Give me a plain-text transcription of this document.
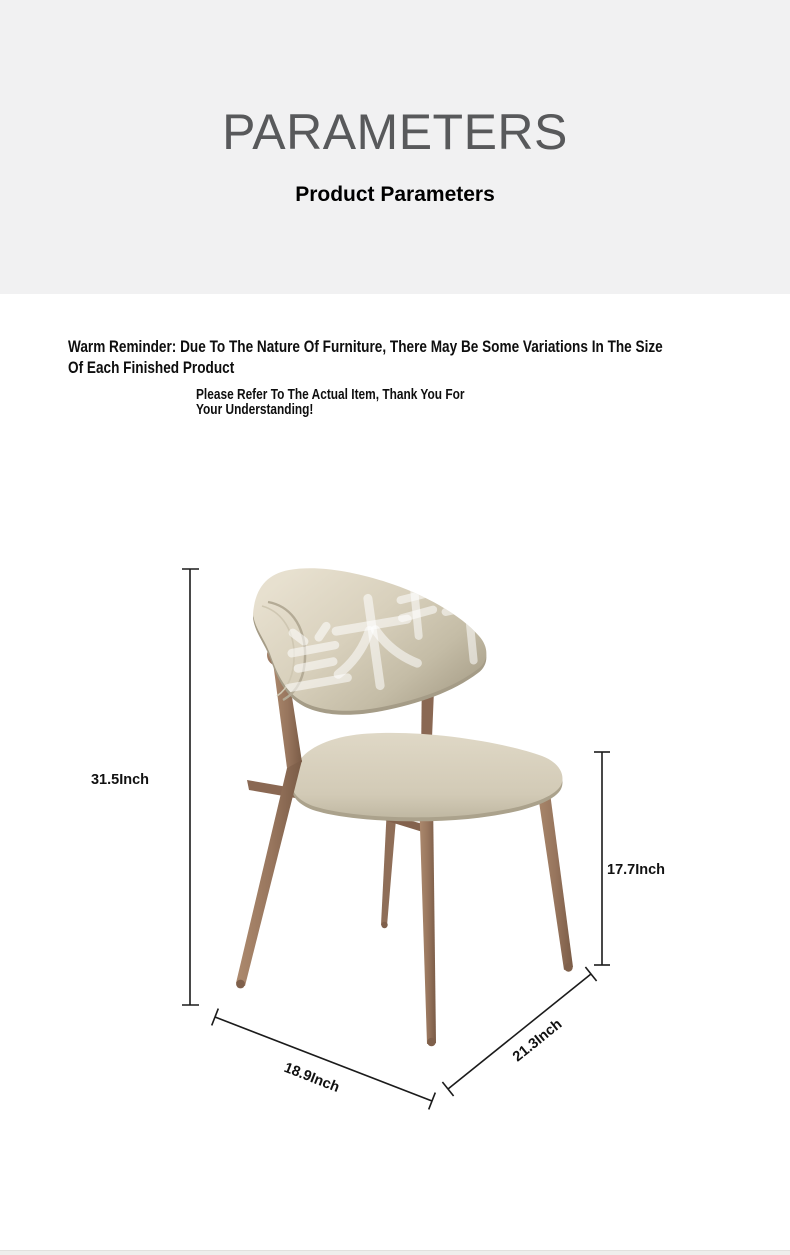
PARAMETERS
Product Parameters

Warm Reminder: Due To The Nature Of Furniture, There May Be Some Variations In The Size
Of Each Finished Product

Please Refer To The Actual Item, Thank You For
Your Understanding!

31.5Inch
17.7Inch
18.9Inch
21.3Inch
